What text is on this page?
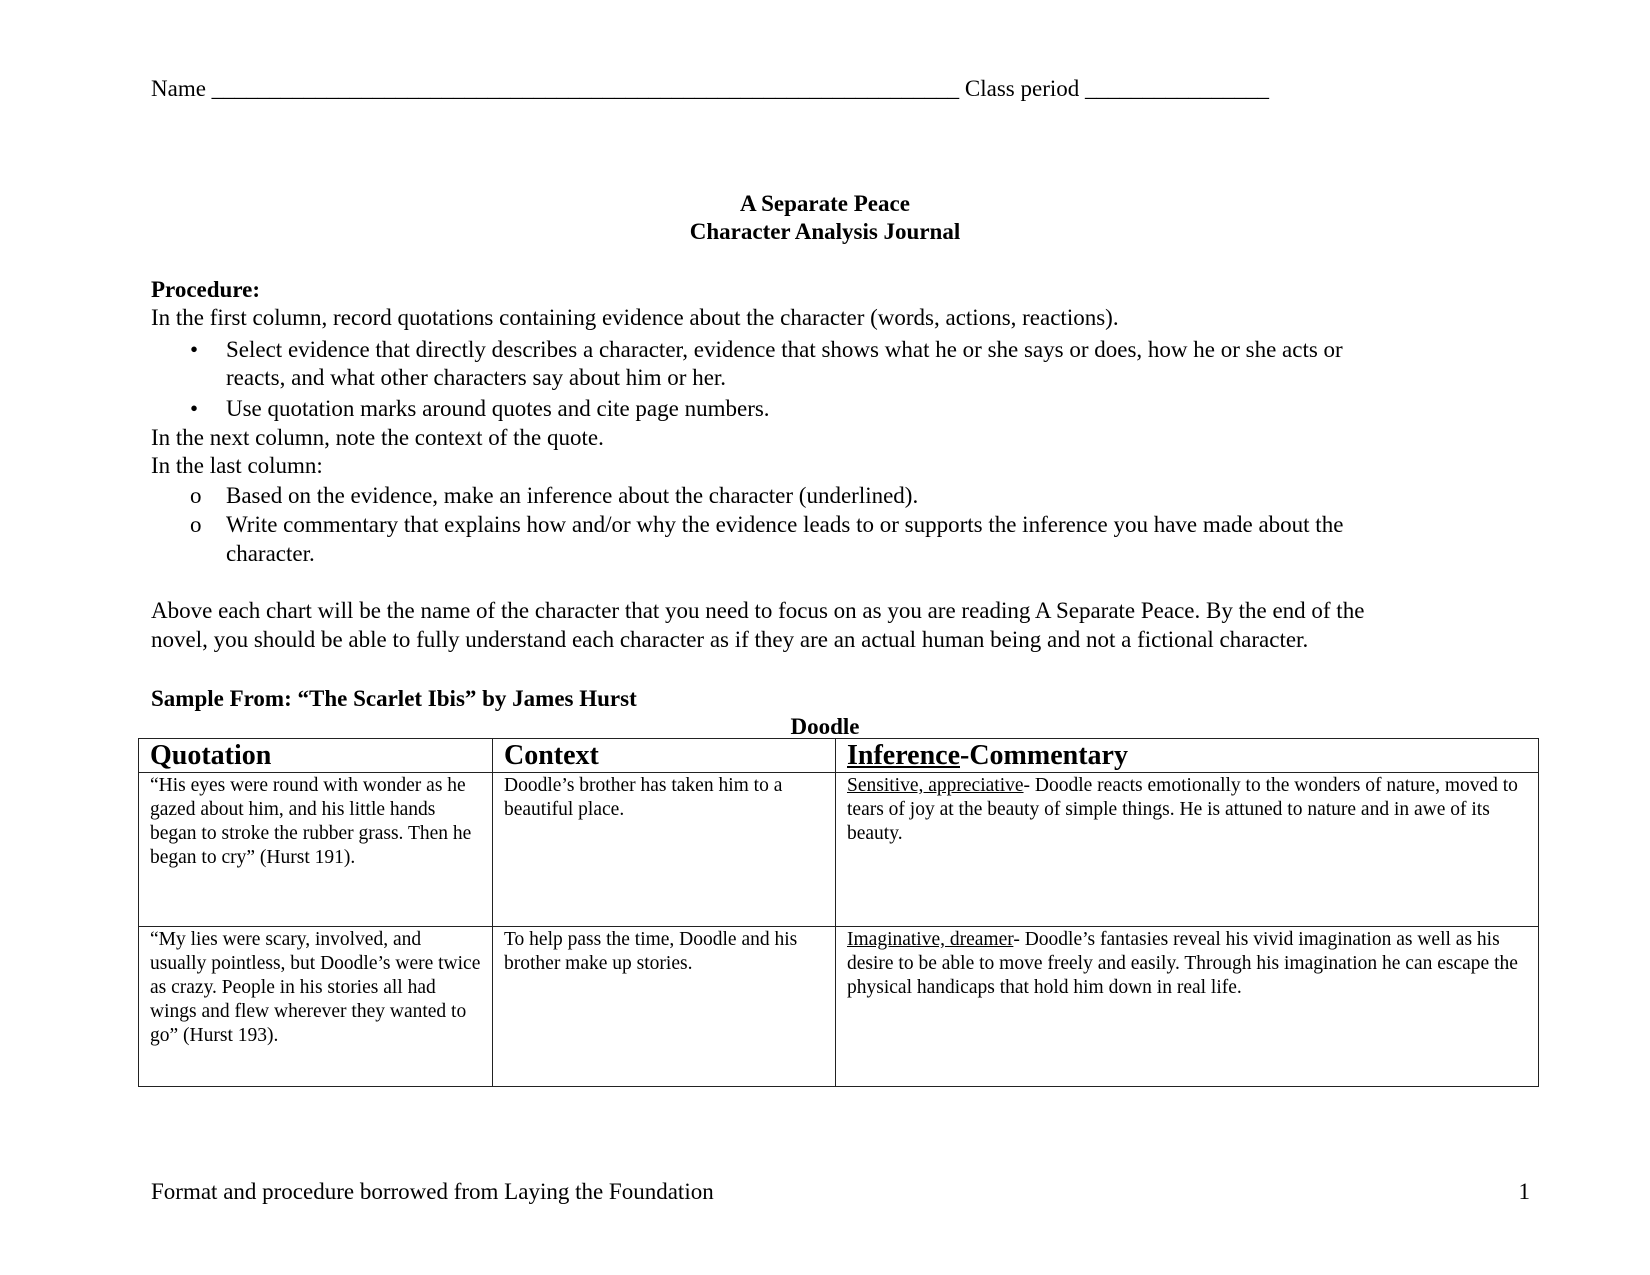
Name _________________________________________________________________ Class period ________________
A Separate Peace
Character Analysis Journal
Procedure:
In the first column, record quotations containing evidence about the character (words, actions, reactions).
• Select evidence that directly describes a character, evidence that shows what he or she says or does, how he or she acts or
reacts, and what other characters say about him or her.
• Use quotation marks around quotes and cite page numbers.
In the next column, note the context of the quote.
In the last column:
o Based on the evidence, make an inference about the character (underlined).
o Write commentary that explains how and/or why the evidence leads to or supports the inference you have made about the
character.
Above each chart will be the name of the character that you need to focus on as you are reading A Separate Peace. By the end of the
novel, you should be able to fully understand each character as if they are an actual human being and not a fictional character.
Sample From: “The Scarlet Ibis” by James Hurst
Doodle
Quotation	Context	Inference-Commentary
“His eyes were round with wonder as he gazed about him, and his little hands began to stroke the rubber grass. Then he began to cry” (Hurst 191).	Doodle’s brother has taken him to a beautiful place.	Sensitive, appreciative- Doodle reacts emotionally to the wonders of nature, moved to tears of joy at the beauty of simple things. He is attuned to nature and in awe of its beauty.
“My lies were scary, involved, and usually pointless, but Doodle’s were twice as crazy. People in his stories all had wings and flew wherever they wanted to go” (Hurst 193).	To help pass the time, Doodle and his brother make up stories.	Imaginative, dreamer- Doodle’s fantasies reveal his vivid imagination as well as his desire to be able to move freely and easily. Through his imagination he can escape the physical handicaps that hold him down in real life.
Format and procedure borrowed from Laying the Foundation	1
